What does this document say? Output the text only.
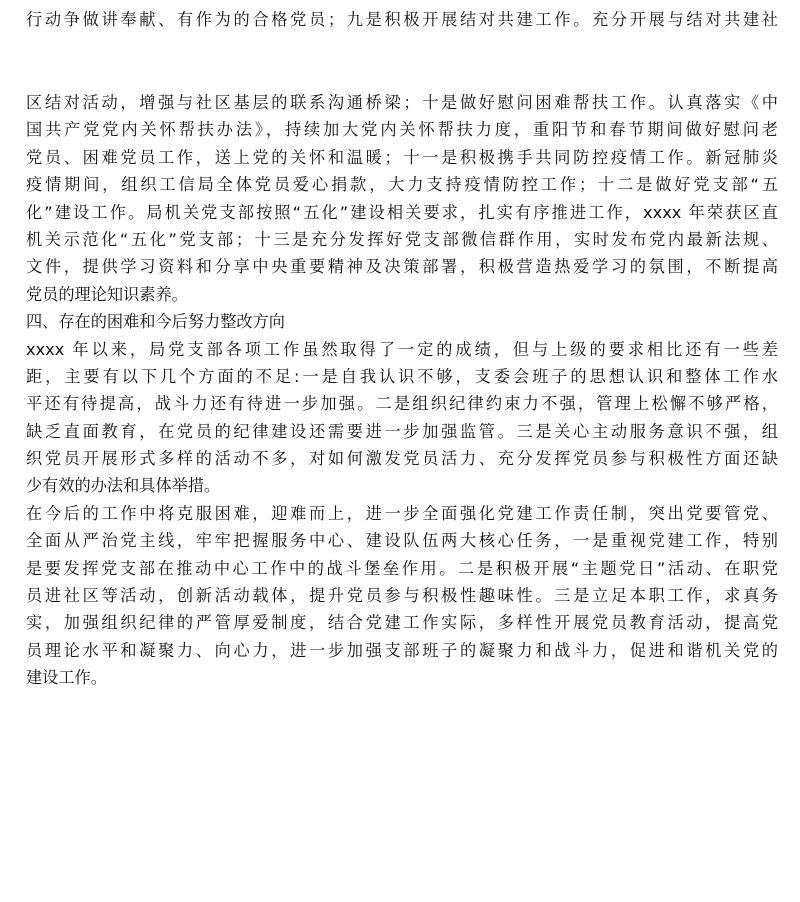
行动争做讲奉献、有作为的合格党员；九是积极开展结对共建工作。充分开展与结对共建社
区结对活动，增强与社区基层的联系沟通桥梁；十是做好慰问困难帮扶工作。认真落实《中
国共产党党内关怀帮扶办法》，持续加大党内关怀帮扶力度，重阳节和春节期间做好慰问老
党员、困难党员工作，送上党的关怀和温暖；十一是积极携手共同防控疫情工作。新冠肺炎
疫情期间，组织工信局全体党员爱心捐款，大力支持疫情防控工作；十二是做好党支部“五
化”建设工作。局机关党支部按照“五化”建设相关要求，扎实有序推进工作，xxxx 年荣获区直
机关示范化“五化”党支部；十三是充分发挥好党支部微信群作用，实时发布党内最新法规、
文件，提供学习资料和分享中央重要精神及决策部署，积极营造热爱学习的氛围，不断提高
党员的理论知识素养。
四、存在的困难和今后努力整改方向
xxxx 年以来，局党支部各项工作虽然取得了一定的成绩，但与上级的要求相比还有一些差
距，主要有以下几个方面的不足:一是自我认识不够，支委会班子的思想认识和整体工作水
平还有待提高，战斗力还有待进一步加强。二是组织纪律约束力不强，管理上松懈不够严格，
缺乏直面教育，在党员的纪律建设还需要进一步加强监管。三是关心主动服务意识不强，组
织党员开展形式多样的活动不多，对如何激发党员活力、充分发挥党员参与积极性方面还缺
少有效的办法和具体举措。
在今后的工作中将克服困难，迎难而上，进一步全面强化党建工作责任制，突出党要管党、
全面从严治党主线，牢牢把握服务中心、建设队伍两大核心任务，一是重视党建工作，特别
是要发挥党支部在推动中心工作中的战斗堡垒作用。二是积极开展“主题党日”活动、在职党
员进社区等活动，创新活动载体，提升党员参与积极性趣味性。三是立足本职工作，求真务
实，加强组织纪律的严管厚爱制度，结合党建工作实际，多样性开展党员教育活动，提高党
员理论水平和凝聚力、向心力，进一步加强支部班子的凝聚力和战斗力，促进和谐机关党的
建设工作。
